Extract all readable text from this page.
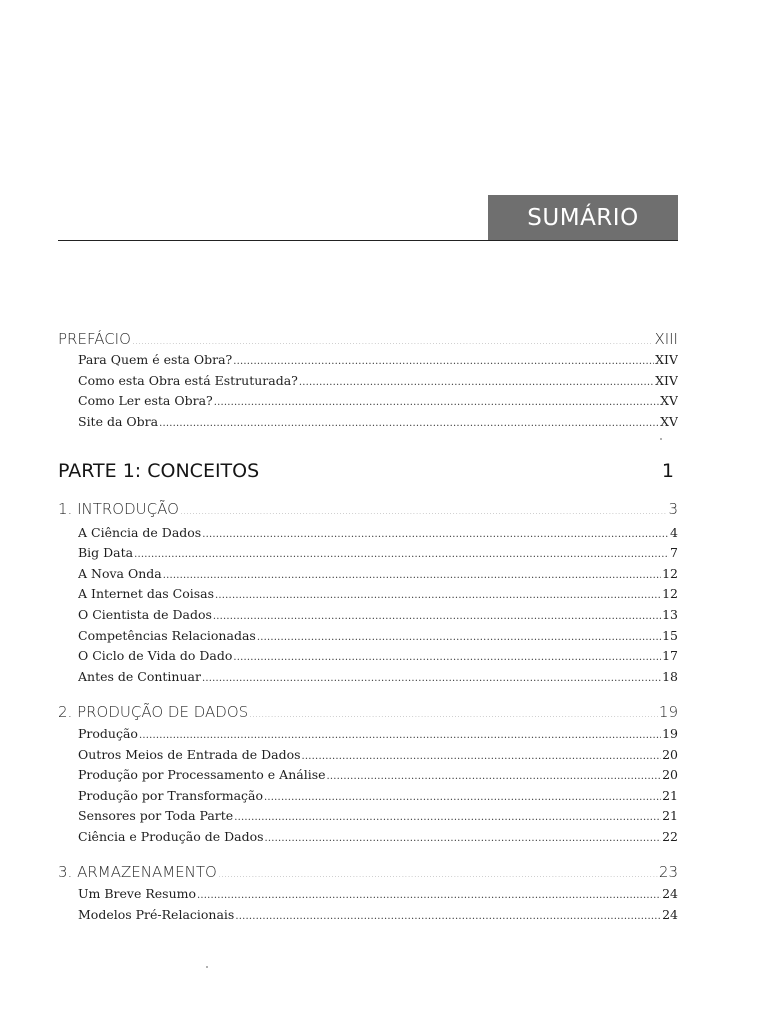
SUMÁRIO
PREFÁCIO .....	XIII
Para Quem é esta Obra? .....	XIV
Como esta Obra está Estruturada? .....	XIV
Como Ler esta Obra? .....	XV
Site da Obra .....	XV
PARTE 1: CONCEITOS	1
1. INTRODUÇÃO .....	3
A Ciência de Dados .....	4
Big Data .....	7
A Nova Onda .....	12
A Internet das Coisas .....	12
O Cientista de Dados .....	13
Competências Relacionadas .....	15
O Ciclo de Vida do Dado .....	17
Antes de Continuar .....	18
2. PRODUÇÃO DE DADOS .....	19
Produção .....	19
Outros Meios de Entrada de Dados .....	20
Produção por Processamento e Análise .....	20
Produção por Transformação .....	21
Sensores por Toda Parte .....	21
Ciência e Produção de Dados .....	22
3. ARMAZENAMENTO .....	23
Um Breve Resumo .....	24
Modelos Pré-Relacionais .....	24
